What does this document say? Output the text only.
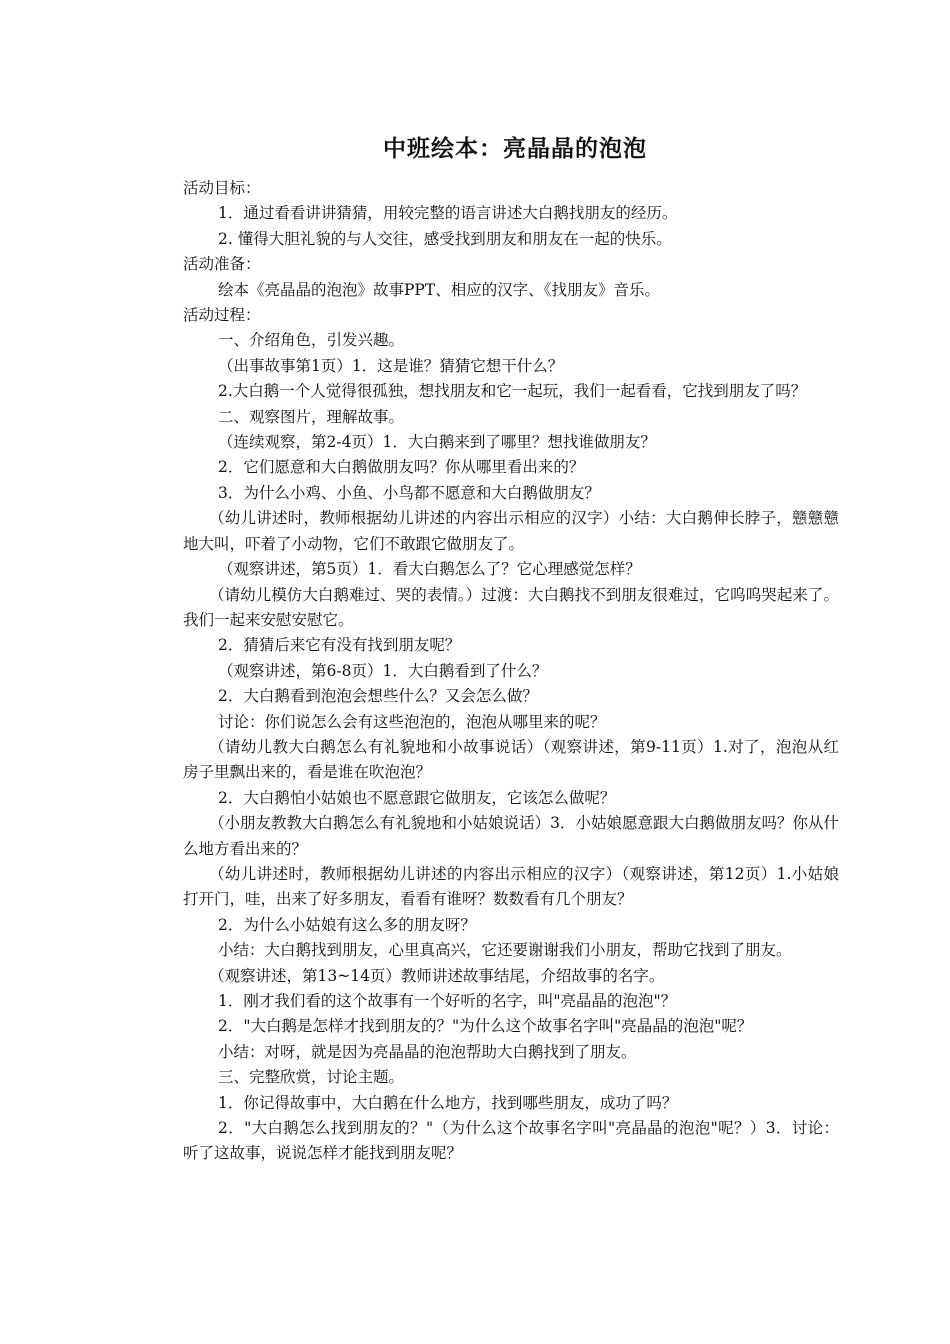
中班绘本：亮晶晶的泡泡

活动目标：

1．通过看看讲讲猜猜，用较完整的语言讲述大白鹅找朋友的经历。

2. 懂得大胆礼貌的与人交往，感受找到朋友和朋友在一起的快乐。

活动准备：

绘本《亮晶晶的泡泡》故事PPT、相应的汉字、《找朋友》音乐。

活动过程：

一、介绍角色，引发兴趣。

（出事故事第1页）1．这是谁？猜猜它想干什么？

2.大白鹅一个人觉得很孤独，想找朋友和它一起玩，我们一起看看，它找到朋友了吗？

二、观察图片，理解故事。

（连续观察，第2-4页）1．大白鹅来到了哪里？想找谁做朋友？

2．它们愿意和大白鹅做朋友吗？你从哪里看出来的？

3．为什么小鸡、小鱼、小鸟都不愿意和大白鹅做朋友？

（幼儿讲述时，教师根据幼儿讲述的内容出示相应的汉字）小结：大白鹅伸长脖子，戆戆戆地大叫，吓着了小动物，它们不敢跟它做朋友了。

（观察讲述，第5页）1．看大白鹅怎么了？它心理感觉怎样？

（请幼儿模仿大白鹅难过、哭的表情。）过渡：大白鹅找不到朋友很难过，它呜呜哭起来了。我们一起来安慰安慰它。

2．猜猜后来它有没有找到朋友呢？

（观察讲述，第6-8页）1．大白鹅看到了什么？

2．大白鹅看到泡泡会想些什么？又会怎么做？

讨论：你们说怎么会有这些泡泡的，泡泡从哪里来的呢？

（请幼儿教大白鹅怎么有礼貌地和小故事说话）（观察讲述，第9-11页）1.对了，泡泡从红房子里飘出来的，看是谁在吹泡泡？

2．大白鹅怕小姑娘也不愿意跟它做朋友，它该怎么做呢？

（小朋友教教大白鹅怎么有礼貌地和小姑娘说话）3．小姑娘愿意跟大白鹅做朋友吗？你从什么地方看出来的？

（幼儿讲述时，教师根据幼儿讲述的内容出示相应的汉字）（观察讲述，第12页）1.小姑娘打开门，哇，出来了好多朋友，看看有谁呀？数数看有几个朋友？

2．为什么小姑娘有这么多的朋友呀？

小结：大白鹅找到朋友，心里真高兴，它还要谢谢我们小朋友，帮助它找到了朋友。

（观察讲述，第13~14页）教师讲述故事结尾，介绍故事的名字。

1．刚才我们看的这个故事有一个好听的名字，叫"亮晶晶的泡泡"？

2．"大白鹅是怎样才找到朋友的？"为什么这个故事名字叫"亮晶晶的泡泡"呢？

小结：对呀，就是因为亮晶晶的泡泡帮助大白鹅找到了朋友。

三、完整欣赏，讨论主题。

1．你记得故事中，大白鹅在什么地方，找到哪些朋友，成功了吗？

2．"大白鹅怎么找到朋友的？"（为什么这个故事名字叫"亮晶晶的泡泡"呢？）3．讨论：听了这故事，说说怎样才能找到朋友呢？
